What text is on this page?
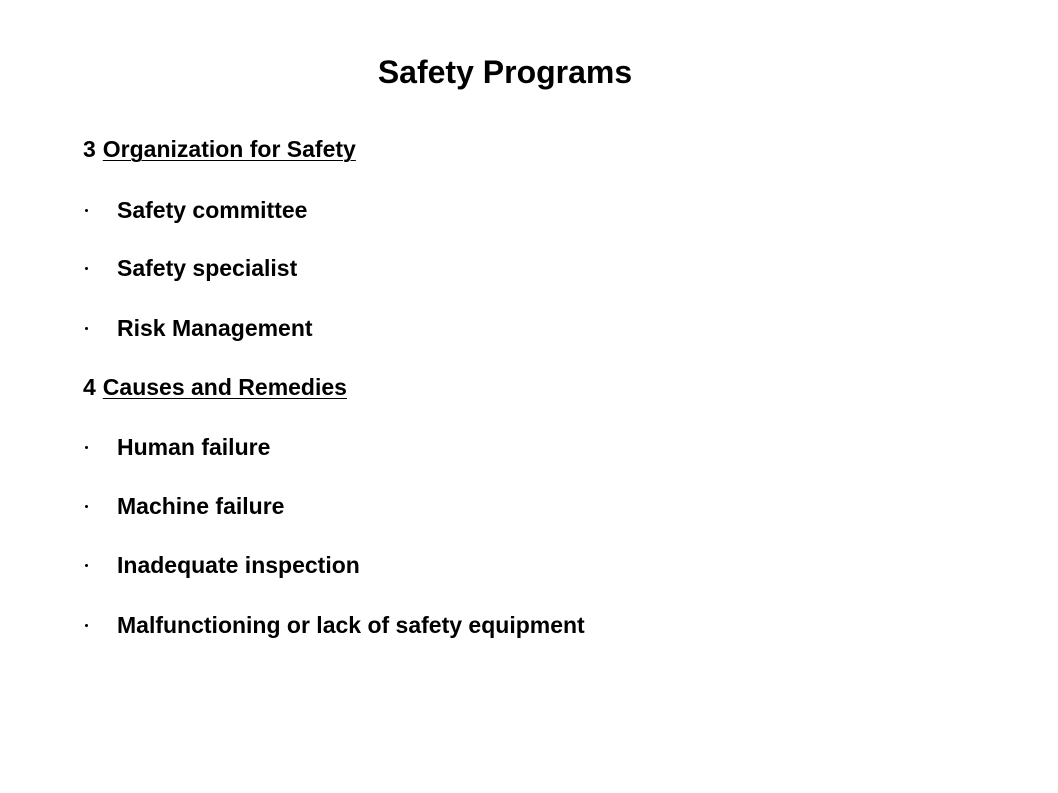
Safety Programs
3 Organization for Safety
Safety committee
Safety specialist
Risk Management
4 Causes and Remedies
Human failure
Machine failure
Inadequate inspection
Malfunctioning or lack of safety equipment
